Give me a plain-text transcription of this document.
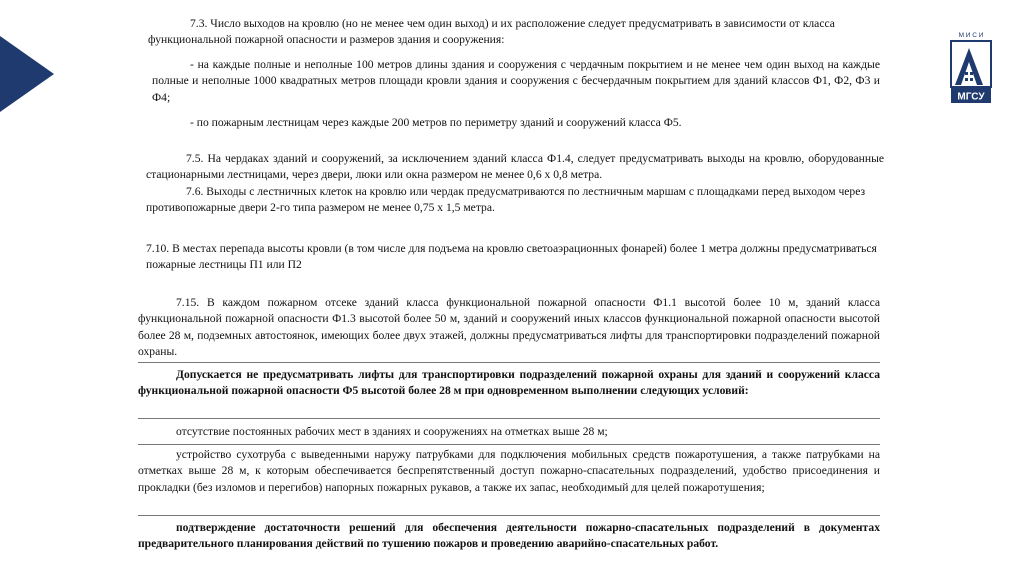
М И С И
МГСУ

7.3. Число выходов на кровлю (но не менее чем один выход) и их расположение следует предусматривать в зависимости от класса функциональной пожарной опасности и размеров здания и сооружения:

- на каждые полные и неполные 100 метров длины здания и сооружения с чердачным покрытием и не менее чем один выход на каждые полные и неполные 1000 квадратных метров площади кровли здания и сооружения с бесчердачным покрытием для зданий классов Ф1, Ф2, Ф3 и Ф4;

- по пожарным лестницам через каждые 200 метров по периметру зданий и сооружений класса Ф5.

7.5. На чердаках зданий и сооружений, за исключением зданий класса Ф1.4, следует предусматривать выходы на кровлю, оборудованные стационарными лестницами, через двери, люки или окна размером не менее 0,6 х 0,8 метра.

7.6. Выходы с лестничных клеток на кровлю или чердак предусматриваются по лестничным маршам с площадками перед выходом через противопожарные двери 2-го типа размером не менее 0,75 х 1,5 метра.

7.10. В местах перепада высоты кровли (в том числе для подъема на кровлю светоаэрационных фонарей) более 1 метра должны предусматриваться пожарные лестницы П1 или П2

7.15. В каждом пожарном отсеке зданий класса функциональной пожарной опасности Ф1.1 высотой более 10 м, зданий класса функциональной пожарной опасности Ф1.3 высотой более 50 м, зданий и сооружений иных классов функциональной пожарной опасности высотой более 28 м, подземных автостоянок, имеющих более двух этажей, должны предусматриваться лифты для транспортировки подразделений пожарной охраны.

Допускается не предусматривать лифты для транспортировки подразделений пожарной охраны для зданий и сооружений класса функциональной пожарной опасности Ф5 высотой более 28 м при одновременном выполнении следующих условий:

отсутствие постоянных рабочих мест в зданиях и сооружениях на отметках выше 28 м;

устройство сухотруба с выведенными наружу патрубками для подключения мобильных средств пожаротушения, а также патрубками на отметках выше 28 м, к которым обеспечивается беспрепятственный доступ пожарно-спасательных подразделений, удобство присоединения и прокладки (без изломов и перегибов) напорных пожарных рукавов, а также их запас, необходимый для целей пожаротушения;

подтверждение достаточности решений для обеспечения деятельности пожарно-спасательных подразделений в документах предварительного планирования действий по тушению пожаров и проведению аварийно-спасательных работ.
